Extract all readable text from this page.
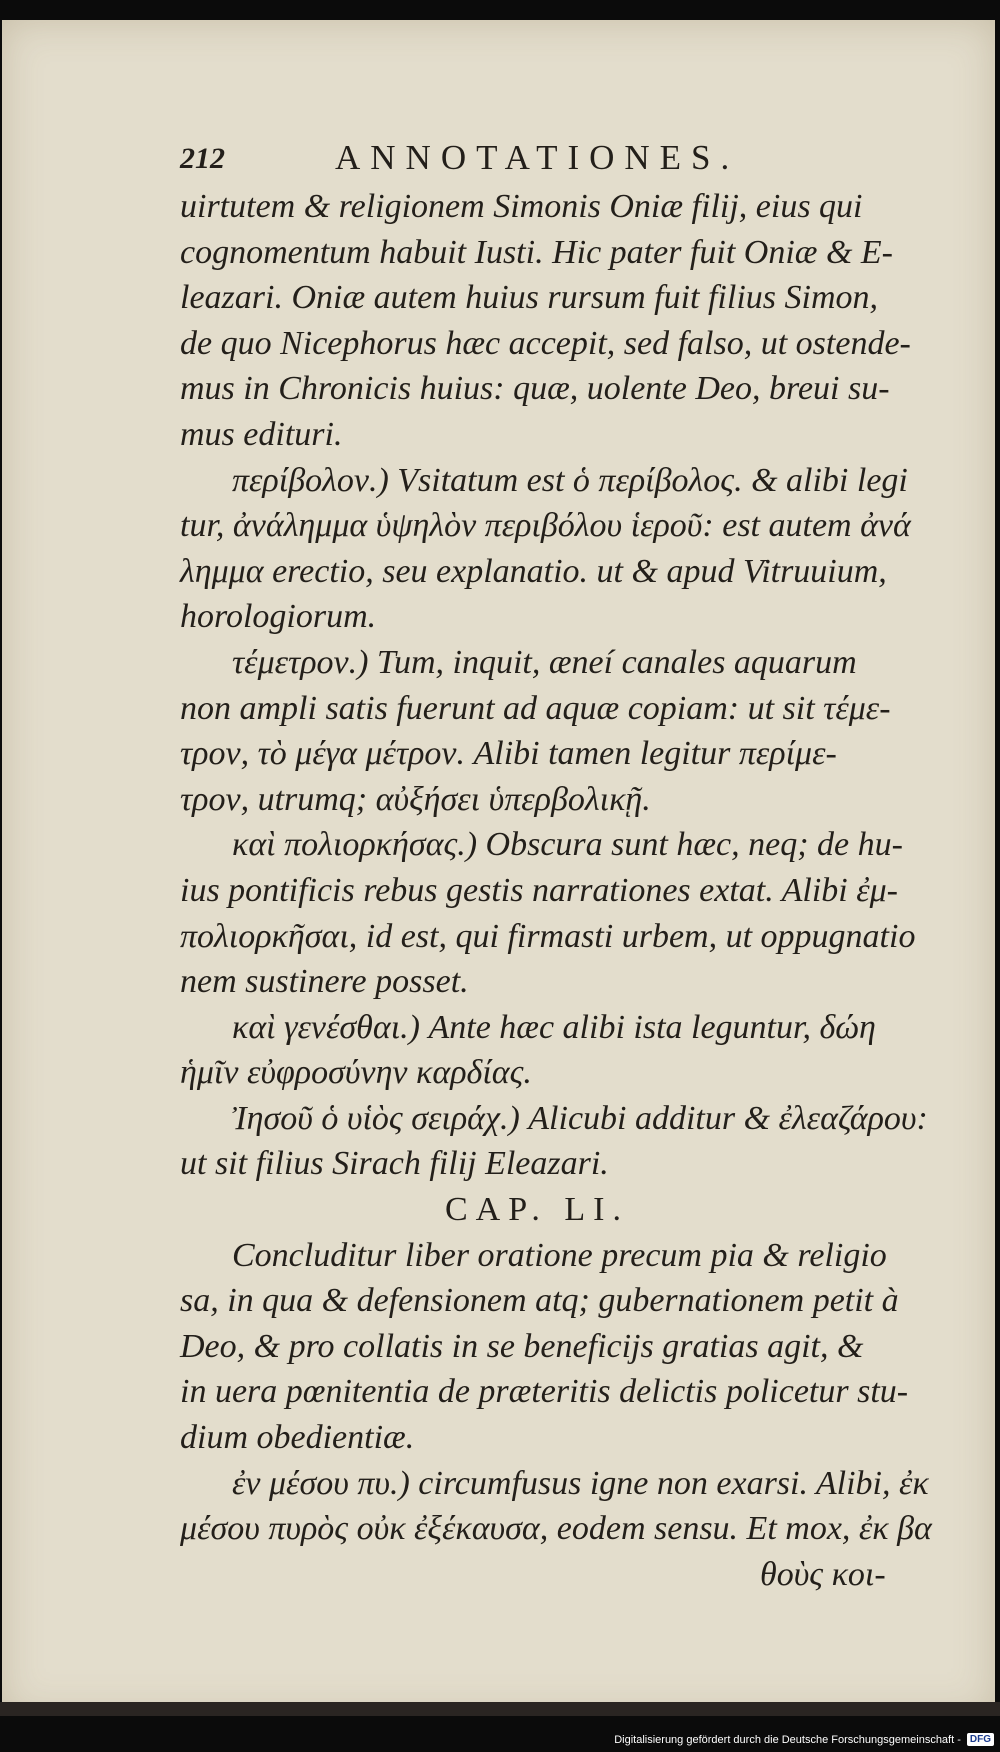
212	ANNOTATIONES.
uirtutem & religionem Simonis Oniæ filij, eius qui
cognomentum habuit Iusti. Hic pater fuit Oniæ & E-
leazari. Oniæ autem huius rursum fuit filius Simon,
de quo Nicephorus hæc accepit, sed falso, ut ostende-
mus in Chronicis huius: quæ, uolente Deo, breui su-
mus edituri.
περίβολον.) Vsitatum est ὁ περίβολος. & alibi legi
tur, ἀνάλημμα ὑψηλὸν περιβόλου ἱεροῦ: est autem ἀνά
λημμα erectio, seu explanatio. ut & apud Vitruuium,
horologiorum.
τέμετρον.) Tum, inquit, æneí canales aquarum
non ampli satis fuerunt ad aquæ copiam: ut sit τέμε-
τρον, τὸ μέγα μέτρον. Alibi tamen legitur περίμε-
τρον, utrumq; αὐξήσει ὑπερβολικῇ.
καὶ πολιορκήσας.) Obscura sunt hæc, neq; de hu-
ius pontificis rebus gestis narrationes extat. Alibi ἐμ-
πολιορκῆσαι, id est, qui firmasti urbem, ut oppugnatio
nem sustinere posset.
καὶ γενέσθαι.) Ante hæc alibi ista leguntur, δώη
ἡμῖν εὐφροσύνην καρδίας.
Ἰησοῦ ὁ υἱὸς σειράχ.) Alicubi additur & ἐλεαζάρου:
ut sit filius Sirach filij Eleazari.
CAP. LI.
Concluditur liber oratione precum pia & religio
sa, in qua & defensionem atq; gubernationem petit à
Deo, & pro collatis in se beneficijs gratias agit, &
in uera pœnitentia de præteritis delictis policetur stu-
dium obedientiæ.
ἐν μέσου πυ.) circumfusus igne non exarsi. Alibi, ἐκ
μέσου πυρὸς οὐκ ἐξέκαυσα, eodem sensu. Et mox, ἐκ βα
θοὺς κοι-
Digitalisierung gefördert durch die Deutsche Forschungsgemeinschaft - DFG
